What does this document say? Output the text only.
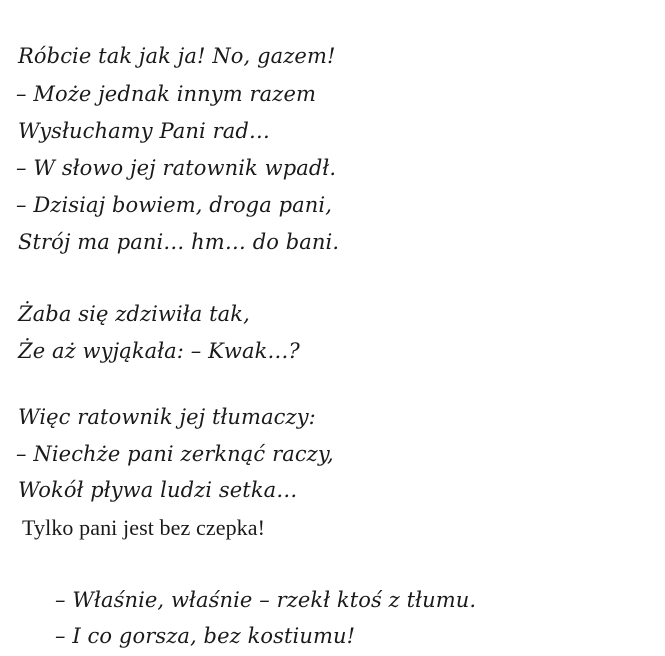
Róbcie tak jak ja! No, gazem!
– Może jednak innym razem
Wysłuchamy Pani rad…
– W słowo jej ratownik wpadł.
– Dzisiaj bowiem, droga pani,
Strój ma pani… hm… do bani.
Żaba się zdziwiła tak,
Że aż wyjąkała: – Kwak…?
Więc ratownik jej tłumaczy:
– Niechże pani zerknąć raczy,
Wokół pływa ludzi setka…
Tylko pani jest bez czepka!
– Właśnie, właśnie – rzekł ktoś z tłumu.
– I co gorsza, bez kostiumu!
